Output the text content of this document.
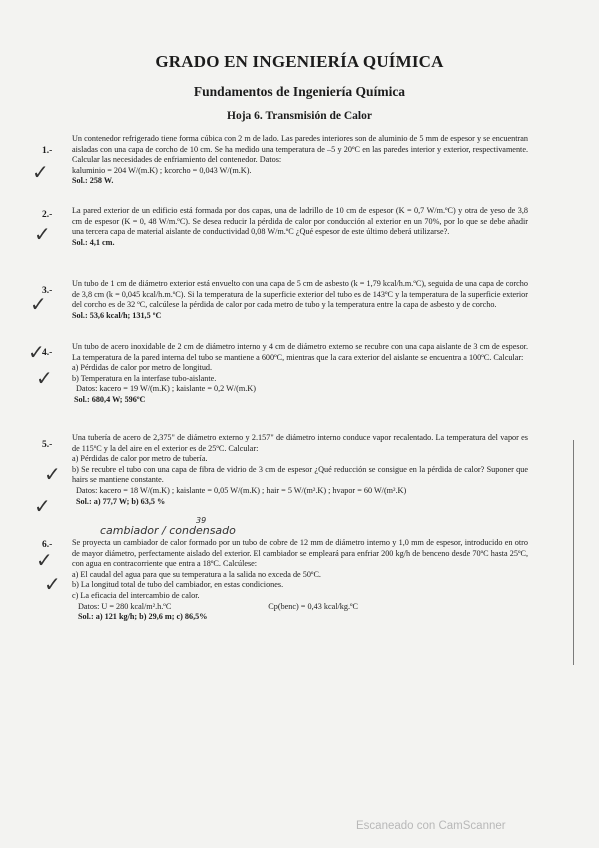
GRADO EN INGENIERÍA QUÍMICA
Fundamentos de Ingeniería Química
Hoja 6. Transmisión de Calor
1.-
✓

Un contenedor refrigerado tiene forma cúbica con 2 m de lado. Las paredes interiores son de aluminio de 5 mm de espesor y se encuentran aisladas con una capa de corcho de 10 cm. Se ha medido una temperatura de –5 y 20ºC en las paredes interior y exterior, respectivamente. Calcular las necesidades de enfriamiento del contenedor. Datos:

kaluminio = 204 W/(m.K) ; kcorcho = 0,043 W/(m.K).

Sol.: 258 W.

2.-
✓

La pared exterior de un edificio está formada por dos capas, una de ladrillo de 10 cm de espesor (K = 0,7 W/m.ºC) y otra de yeso de 3,8 cm de espesor (K = 0, 48 W/m.ºC). Se desea reducir la pérdida de calor por conducción al exterior en un 70%, por lo que se debe añadir una tercera capa de material aislante de conductividad 0,08 W/m.ºC ¿Qué espesor de este último deberá utilizarse?.

Sol.: 4,1 cm.

3.-
✓

Un tubo de 1 cm de diámetro exterior está envuelto con una capa de 5 cm de asbesto (k = 1,79 kcal/h.m.ºC), seguida de una capa de corcho de 3,8 cm (k = 0,045 kcal/h.m.ºC). Si la temperatura de la superficie exterior del tubo es de 143ºC y la temperatura de la superficie exterior del corcho es de 32 ºC, calcúlese la pérdida de calor por cada metro de tubo y la temperatura entre la capa de asbesto y de corcho.

Sol.: 53,6 kcal/h; 131,5 ºC

4.-
✓
✓

Un tubo de acero inoxidable de 2 cm de diámetro interno y 4 cm de diámetro externo se recubre con una capa aislante de 3 cm de espesor. La temperatura de la pared interna del tubo se mantiene a 600ºC, mientras que la cara exterior del aislante se encuentra a 100ºC. Calcular:

a) Pérdidas de calor por metro de longitud.

b) Temperatura en la interfase tubo-aislante.

Datos: kacero = 19 W/(m.K) ; kaislante = 0,2 W/(m.K)

Sol.: 680,4 W; 596ºC

5.-
✓
✓

Una tubería de acero de 2,375" de diámetro externo y 2.157" de diámetro interno conduce vapor recalentado. La temperatura del vapor es de 115ºC y la del aire en el exterior es de 25ºC. Calcular:

a) Pérdidas de calor por metro de tubería.

b) Se recubre el tubo con una capa de fibra de vidrio de 3 cm de espesor ¿Qué reducción se consigue en la pérdida de calor? Suponer que hairs se mantiene constante.

Datos: kacero = 18 W/(m.K) ; kaislante = 0,05 W/(m.K) ; hair = 5 W/(m².K) ; hvapor = 60 W/(m².K)

Sol.: a) 77,7 W; b) 63,5 %

39
cambiador / condensado
6.-
✓
✓

Se proyecta un cambiador de calor formado por un tubo de cobre de 12 mm de diámetro interno y 1,0 mm de espesor, introducido en otro de mayor diámetro, perfectamente aislado del exterior. El cambiador se empleará para enfriar 200 kg/h de benceno desde 70ºC hasta 25ºC, con agua en contracorriente que entra a 18ºC. Calcúlese:

a) El caudal del agua para que su temperatura a la salida no exceda de 50ºC.

b) La longitud total de tubo del cambiador, en estas condiciones.

c) La eficacia del intercambio de calor.

Datos: U = 280 kcal/m².h.ºC	Cp(benc) = 0,43 kcal/kg.ºC

Sol.: a) 121 kg/h; b) 29,6 m; c) 86,5%

Escaneado con CamScanner
